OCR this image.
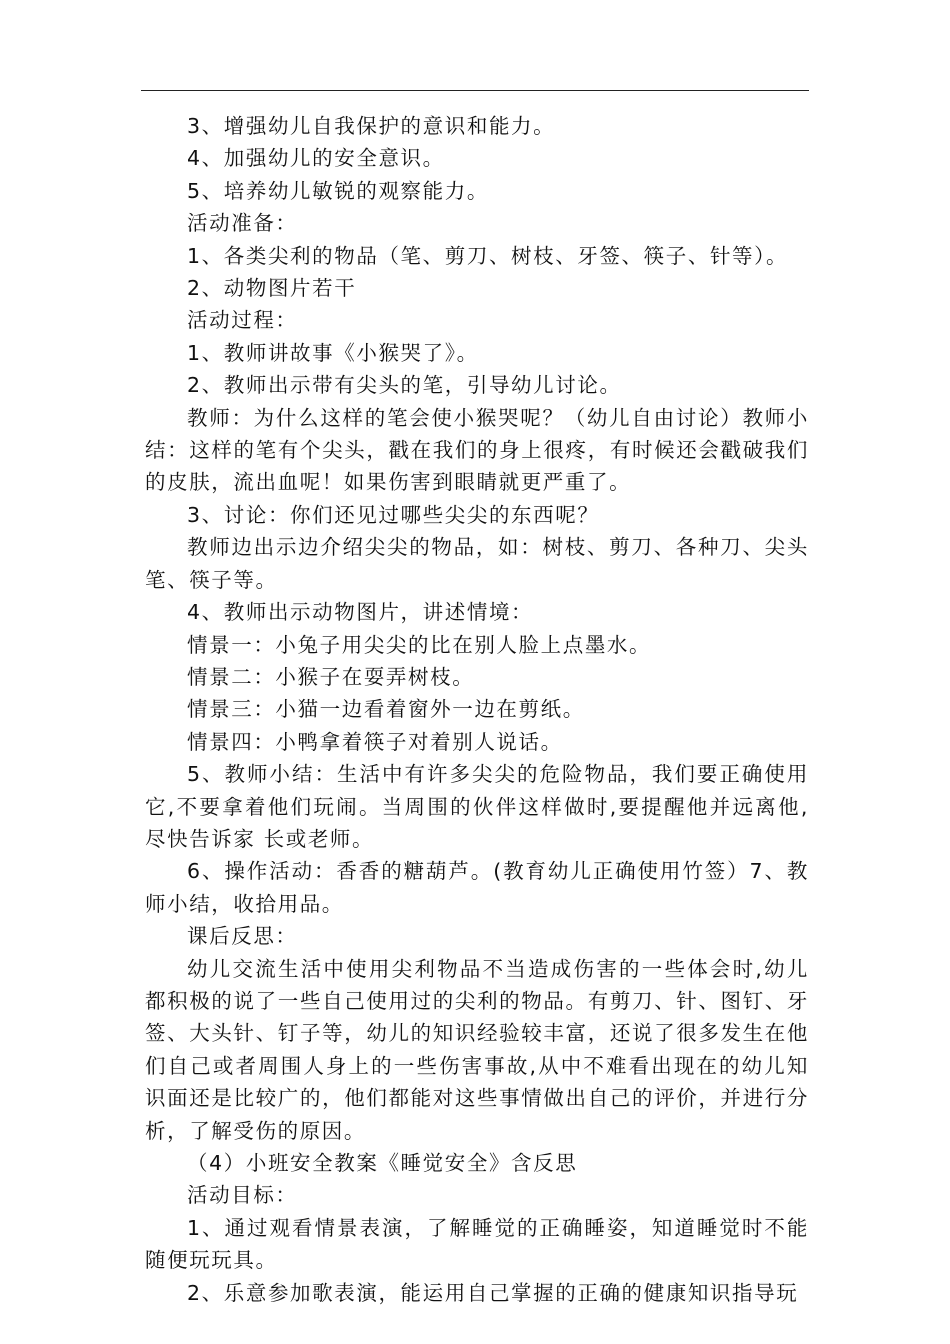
3、增强幼儿自我保护的意识和能力。

4、加强幼儿的安全意识。

5、培养幼儿敏锐的观察能力。

活动准备：

1、各类尖利的物品（笔、剪刀、树枝、牙签、筷子、针等）。

2、动物图片若干

活动过程：

1、教师讲故事《小猴哭了》。

2、教师出示带有尖头的笔，引导幼儿讨论。

教师：为什么这样的笔会使小猴哭呢？（幼儿自由讨论）教师小结：这样的笔有个尖头，戳在我们的身上很疼，有时候还会戳破我们的皮肤，流出血呢！如果伤害到眼睛就更严重了。

3、讨论：你们还见过哪些尖尖的东西呢？

教师边出示边介绍尖尖的物品，如：树枝、剪刀、各种刀、尖头笔、筷子等。

4、教师出示动物图片，讲述情境：

情景一：小兔子用尖尖的比在别人脸上点墨水。

情景二：小猴子在耍弄树枝。

情景三：小猫一边看着窗外一边在剪纸。

情景四：小鸭拿着筷子对着别人说话。

5、教师小结：生活中有许多尖尖的危险物品，我们要正确使用它,不要拿着他们玩闹。当周围的伙伴这样做时,要提醒他并远离他,尽快告诉家 长或老师。

6、操作活动：香香的糖葫芦。(教育幼儿正确使用竹签）7、教师小结，收拾用品。

课后反思：

幼儿交流生活中使用尖利物品不当造成伤害的一些体会时,幼儿都积极的说了一些自己使用过的尖利的物品。有剪刀、针、图钉、牙签、大头针、钉子等，幼儿的知识经验较丰富，还说了很多发生在他们自己或者周围人身上的一些伤害事故,从中不难看出现在的幼儿知识面还是比较广的，他们都能对这些事情做出自己的评价，并进行分析，了解受伤的原因。

（4）小班安全教案《睡觉安全》含反思

活动目标：

1、通过观看情景表演，了解睡觉的正确睡姿，知道睡觉时不能随便玩玩具。

2、乐意参加歌表演，能运用自己掌握的正确的健康知识指导玩
